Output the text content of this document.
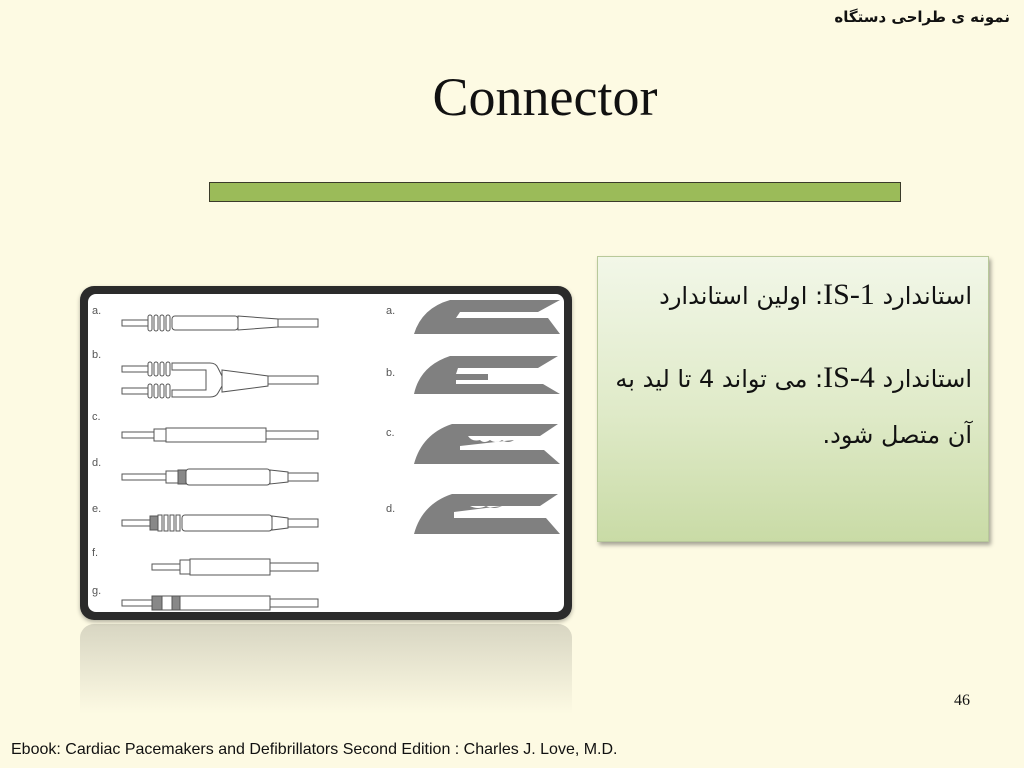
نمونه ی طراحی دستگاه
Connector
a.
b.
c.
d.
e.
f.
g.
a.
b.
c.
d.

استاندارد IS-1: اولین استاندارد

استاندارد IS-4: می تواند 4 تا لید به آن متصل شود.

46
Ebook: Cardiac Pacemakers and Defibrillators Second Edition : Charles J. Love, M.D.
